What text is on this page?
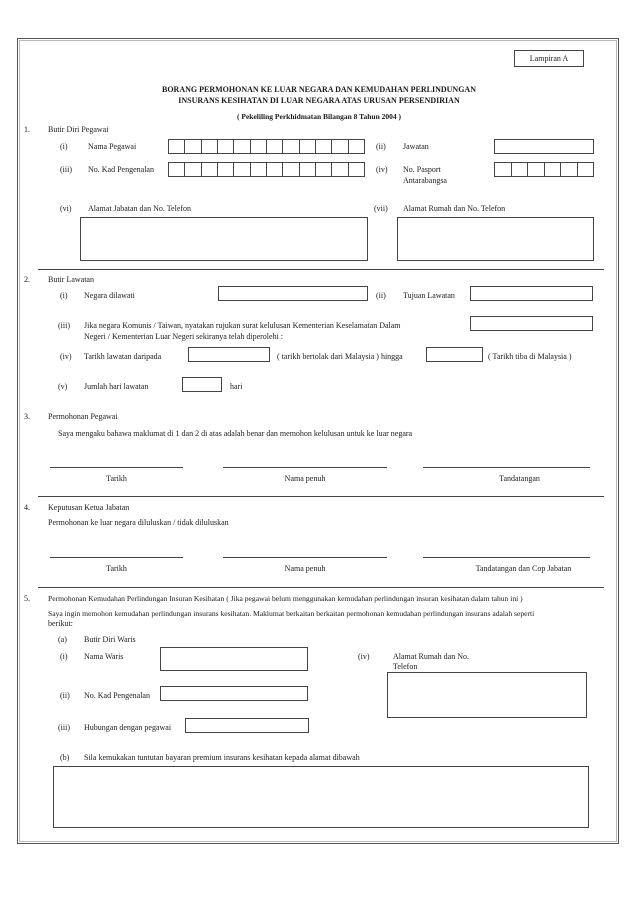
Lampiran A
BORANG PERMOHONAN KE LUAR NEGARA DAN KEMUDAHAN PERLINDUNGAN
INSURANS KESIHATAN DI LUAR NEGARA ATAS URUSAN PERSENDIRIAN
( Pekeliling Perkhidmatan Bilangan 8 Tahun 2004 )
1. Butir Diri Pegawai
(i)	Nama Pegawai	(ii) Jawatan
(iii) No. Kad Pengenalan	(iv) No. Pasport
Antarabangsa
(vi) Alamat Jabatan dan No. Telefon	(vii) Alamat Rumah dan No. Telefon
2. Butir Lawatan
(i) Negara dilawati	(ii) Tujuan Lawatan
(iii) Jika negara Komunis / Taiwan, nyatakan rujukan surat kelulusan Kementerian Keselamatan Dalam
Negeri / Kementerian Luar Negeri sekiranya telah diperolehi :
(iv) Tarikh lawatan daripada	( tarikh bertolak dari Malaysia ) hingga	( Tarikh tiba di Malaysia )
(v) Jumlah hari lawatan	hari
3. Permohonan Pegawai
Saya mengaku bahawa maklumat di 1 dan 2 di atas adalah benar dan memohon kelulusan untuk ke luar negara
Tarikh	Nama penuh	Tandatangan
4. Keputusan Ketua Jabatan
Permohonan ke luar negara diluluskan / tidak diluluskan
Tarikh	Nama penuh	Tandatangan dan Cop Jabatan
5. Permohonan Kemudahan Perlindungan Insuran Kesihatan ( Jika pegawai belum menggunakan kemudahan perlindungan insuran kesihatan dalam tahun ini )
Saya ingin memohon kemudahan perlindungan insurans kesihatan. Maklumat berkaitan berkaitan permohonan kemudahan perlindungan insurans adalah seperti
berikut:
(a) Butir Diri Waris
(i) Nama Waris	(iv)	Alamat Rumah dan No.
Telefon
(ii) No. Kad Pengenalan
(iii) Hubungan dengan pegawai
(b) Sila kemukakan tuntutan bayaran premium insurans kesihatan kepada alamat dibawah
